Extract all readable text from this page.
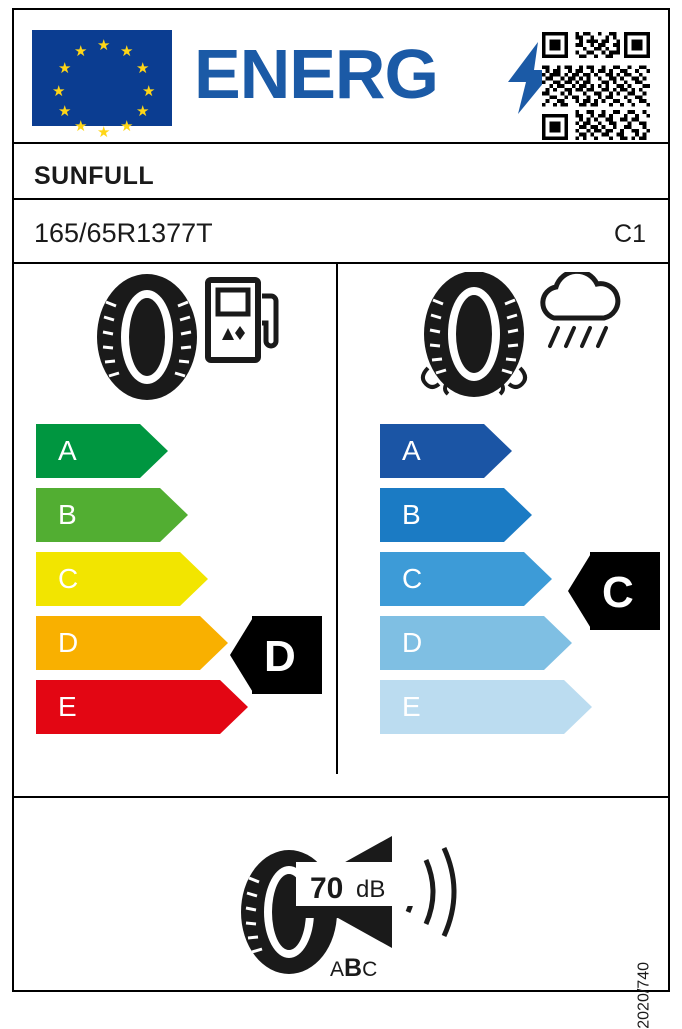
★ ★
★
★
★
★
★
★
★
★
★
★ ENERG
SUNFULL
165/65R1377T	C1
A
B
C
D
E
D
A
B
C
D
E
C
70 dB
ABC	2020/740
